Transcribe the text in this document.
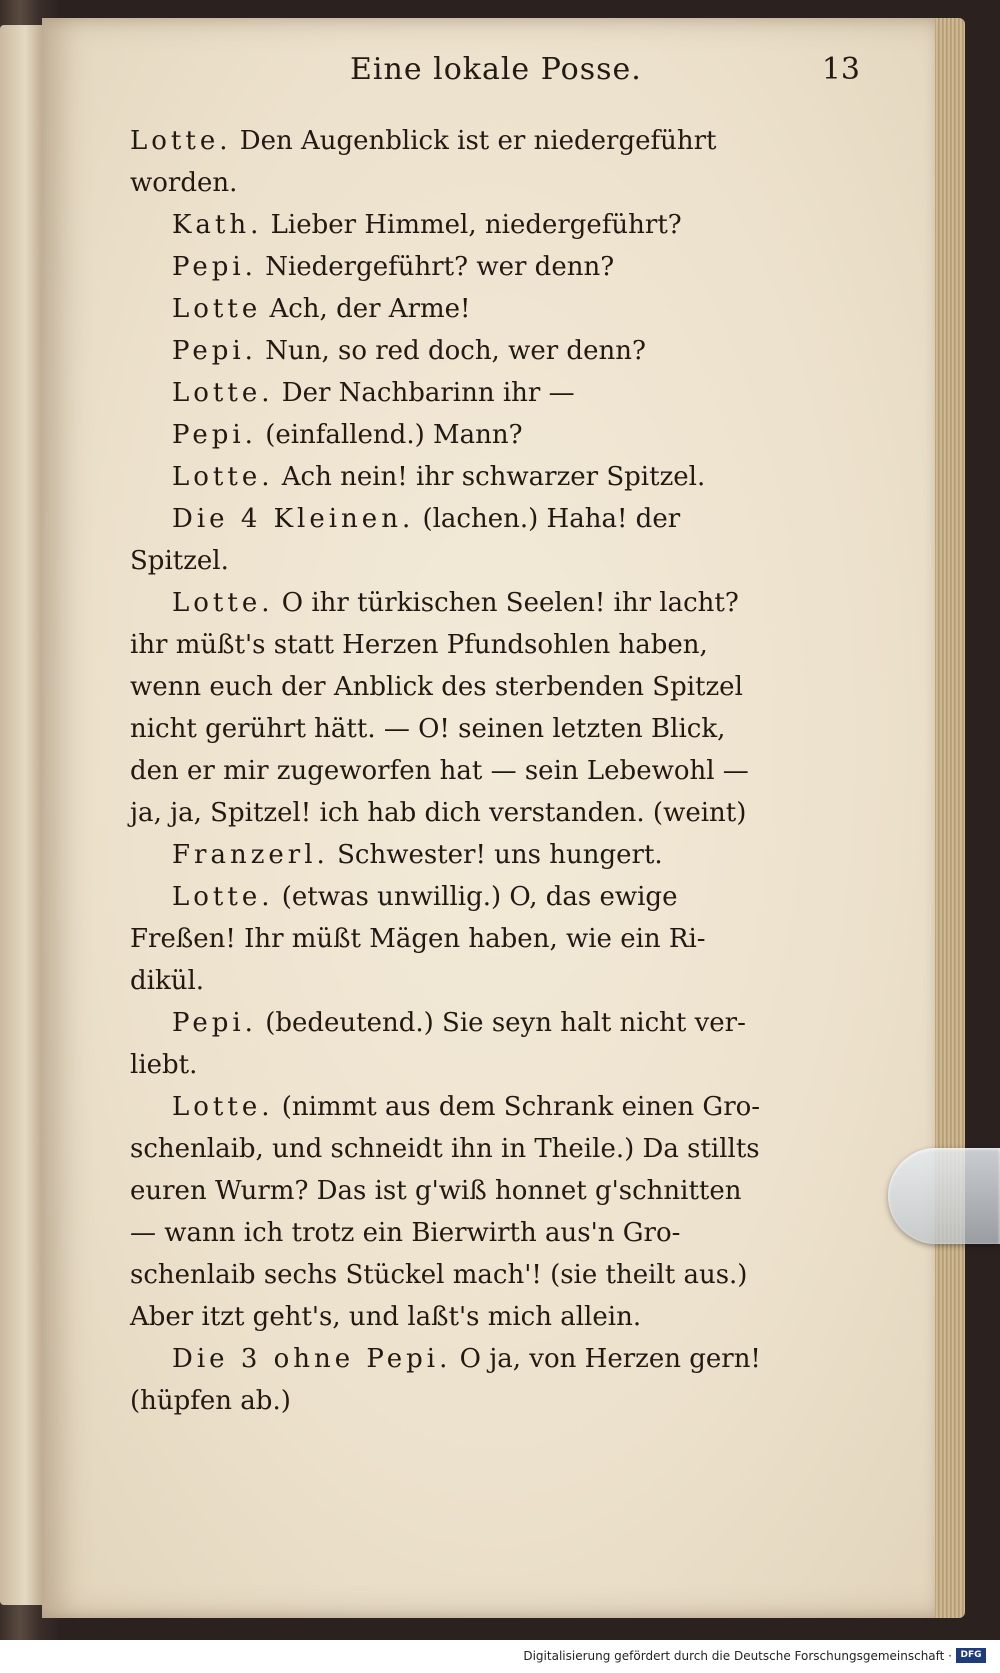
Eine lokale Posse.	13
Lotte. Den Augenblick ist er niedergeführt
worden.
Kath. Lieber Himmel, niedergeführt?
Pepi. Niedergeführt? wer denn?
Lotte Ach, der Arme!
Pepi. Nun, so red doch, wer denn?
Lotte. Der Nachbarinn ihr —
Pepi. (einfallend.) Mann?
Lotte. Ach nein! ihr schwarzer Spitzel.
Die 4 Kleinen. (lachen.) Haha! der
Spitzel.
Lotte. O ihr türkischen Seelen! ihr lacht?
ihr müßt's statt Herzen Pfundsohlen haben,
wenn euch der Anblick des sterbenden Spitzel
nicht gerührt hätt. — O! seinen letzten Blick,
den er mir zugeworfen hat — sein Lebewohl —
ja, ja, Spitzel! ich hab dich verstanden. (weint)
Franzerl. Schwester! uns hungert.
Lotte. (etwas unwillig.) O, das ewige
Freßen! Ihr müßt Mägen haben, wie ein Ri-
dikül.
Pepi. (bedeutend.) Sie seyn halt nicht ver-
liebt.
Lotte. (nimmt aus dem Schrank einen Gro-
schenlaib, und schneidt ihn in Theile.) Da stillts
euren Wurm? Das ist g'wiß honnet g'schnitten
— wann ich trotz ein Bierwirth aus'n Gro-
schenlaib sechs Stückel mach'! (sie theilt aus.)
Aber itzt geht's, und laßt's mich allein.
Die 3 ohne Pepi. O ja, von Herzen gern!
(hüpfen ab.)
Digitalisierung gefördert durch die Deutsche Forschungsgemeinschaft · DFG
